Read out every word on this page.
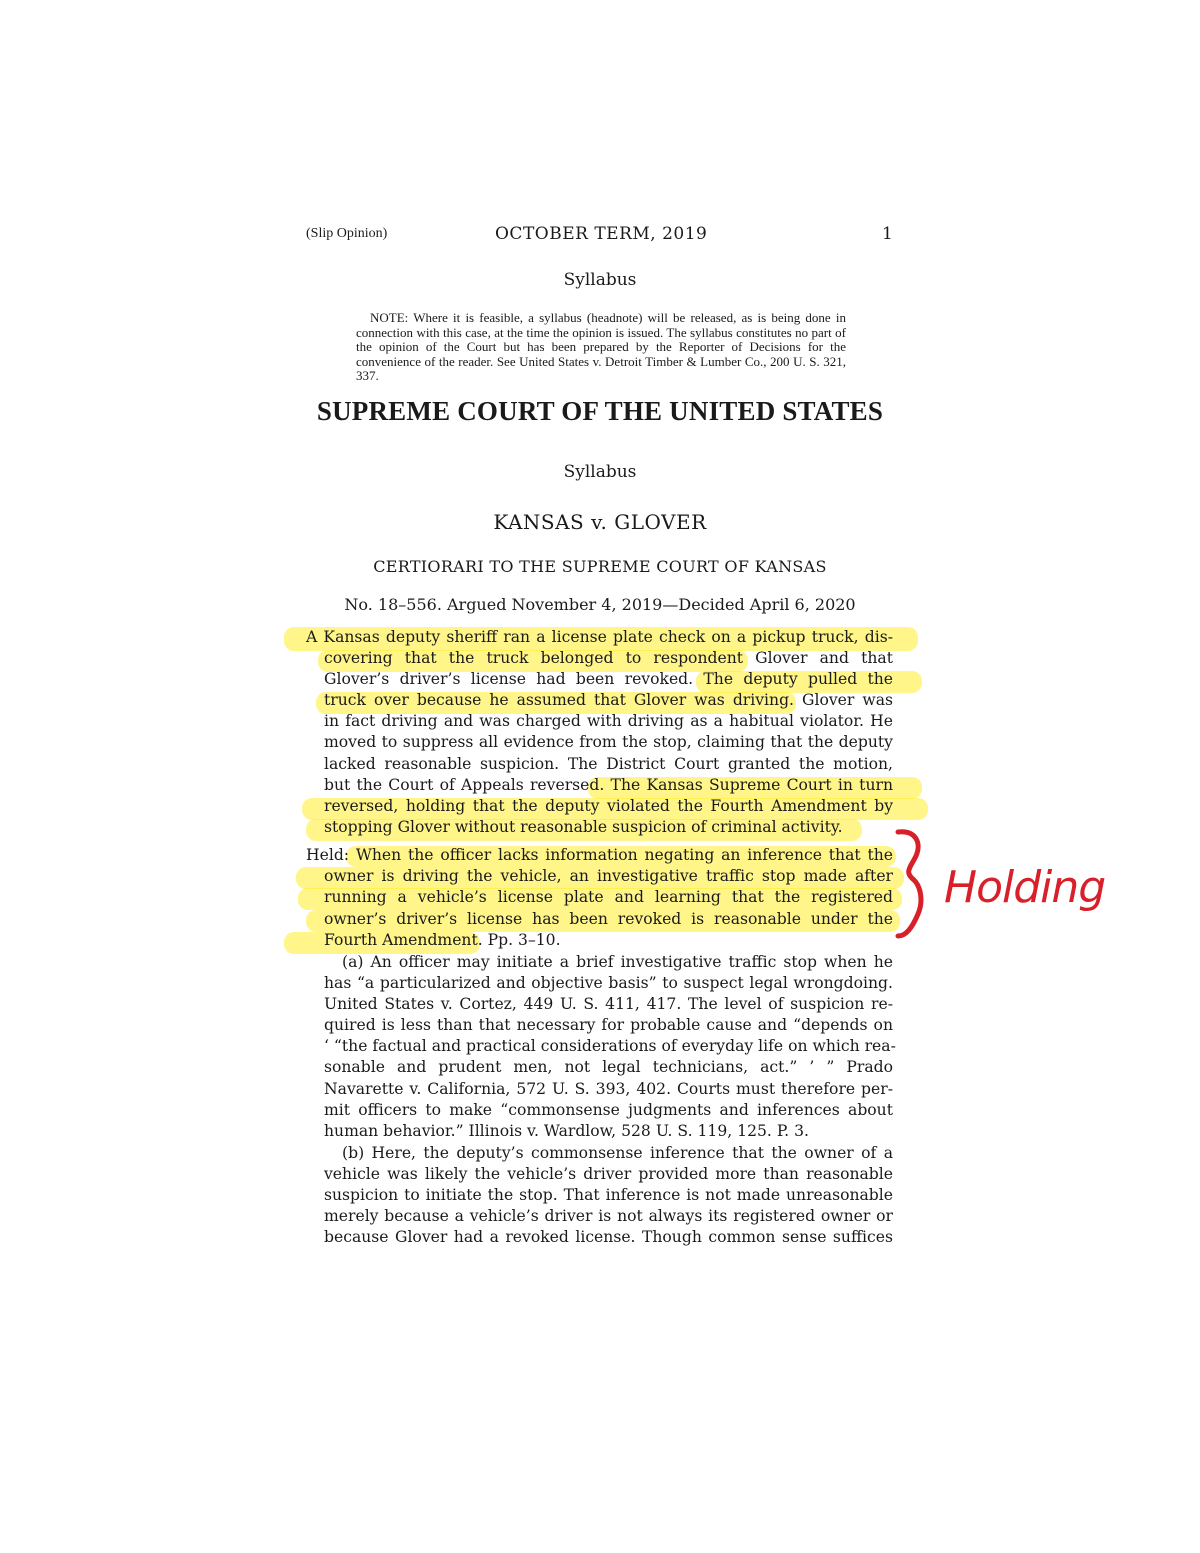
(Slip Opinion)	OCTOBER TERM, 2019	1
Syllabus
NOTE: Where it is feasible, a syllabus (headnote) will be released, as is being done in connection with this case, at the time the opinion is issued. The syllabus constitutes no part of the opinion of the Court but has been prepared by the Reporter of Decisions for the convenience of the reader. See United States v. Detroit Timber & Lumber Co., 200 U. S. 321, 337.
SUPREME COURT OF THE UNITED STATES
Syllabus
KANSAS v. GLOVER
CERTIORARI TO THE SUPREME COURT OF KANSAS
No. 18–556. Argued November 4, 2019—Decided April 6, 2020
A Kansas deputy sheriff ran a license plate check on a pickup truck, dis-
covering that the truck belonged to respondent Glover and that
Glover’s driver’s license had been revoked. The deputy pulled the
truck over because he assumed that Glover was driving. Glover was
in fact driving and was charged with driving as a habitual violator. He
moved to suppress all evidence from the stop, claiming that the deputy
lacked reasonable suspicion. The District Court granted the motion,
but the Court of Appeals reversed. The Kansas Supreme Court in turn
reversed, holding that the deputy violated the Fourth Amendment by
stopping Glover without reasonable suspicion of criminal activity.
Held: When the officer lacks information negating an inference that the
owner is driving the vehicle, an investigative traffic stop made after
running a vehicle’s license plate and learning that the registered
owner’s driver’s license has been revoked is reasonable under the
Fourth Amendment. Pp. 3–10.
(a) An officer may initiate a brief investigative traffic stop when he
has “a particularized and objective basis” to suspect legal wrongdoing.
United States v. Cortez, 449 U. S. 411, 417. The level of suspicion re-
quired is less than that necessary for probable cause and “depends on
‘ “the factual and practical considerations of everyday life on which rea-
sonable and prudent men, not legal technicians, act.” ’ ” Prado
Navarette v. California, 572 U. S. 393, 402. Courts must therefore per-
mit officers to make “commonsense judgments and inferences about
human behavior.” Illinois v. Wardlow, 528 U. S. 119, 125. P. 3.
(b) Here, the deputy’s commonsense inference that the owner of a
vehicle was likely the vehicle’s driver provided more than reasonable
suspicion to initiate the stop. That inference is not made unreasonable
merely because a vehicle’s driver is not always its registered owner or
because Glover had a revoked license. Though common sense suffices
Holding
